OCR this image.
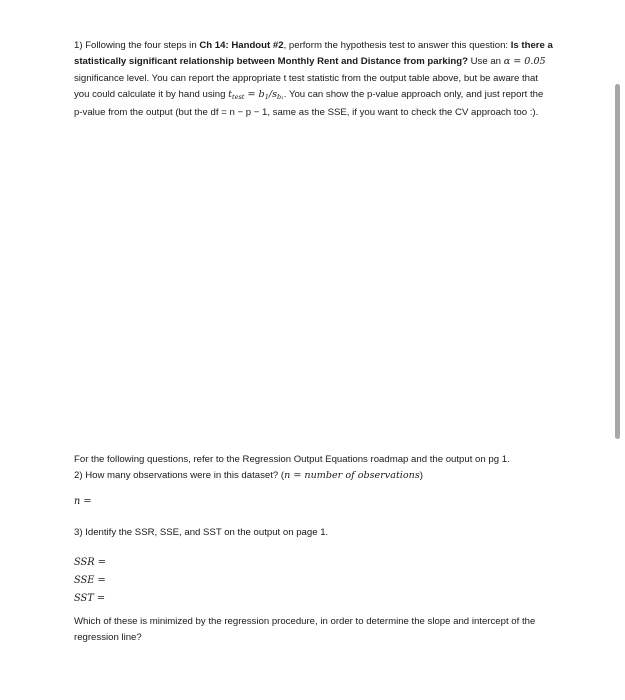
1) Following the four steps in Ch 14: Handout #2, perform the hypothesis test to answer this question: Is there a statistically significant relationship between Monthly Rent and Distance from parking? Use an α = 0.05 significance level. You can report the appropriate t test statistic from the output table above, but be aware that you could calculate it by hand using $t_{test} = b_1/s_{b_1}$. You can show the p-value approach only, and just report the p-value from the output (but the df = n − p − 1, same as the SSE, if you want to check the CV approach too :).

For the following questions, refer to the Regression Output Equations roadmap and the output on pg 1.
2) How many observations were in this dataset? (n = number of observations)

n =

3) Identify the SSR, SSE, and SST on the output on page 1.

SSR =
SSE =
SST =

Which of these is minimized by the regression procedure, in order to determine the slope and intercept of the regression line?
